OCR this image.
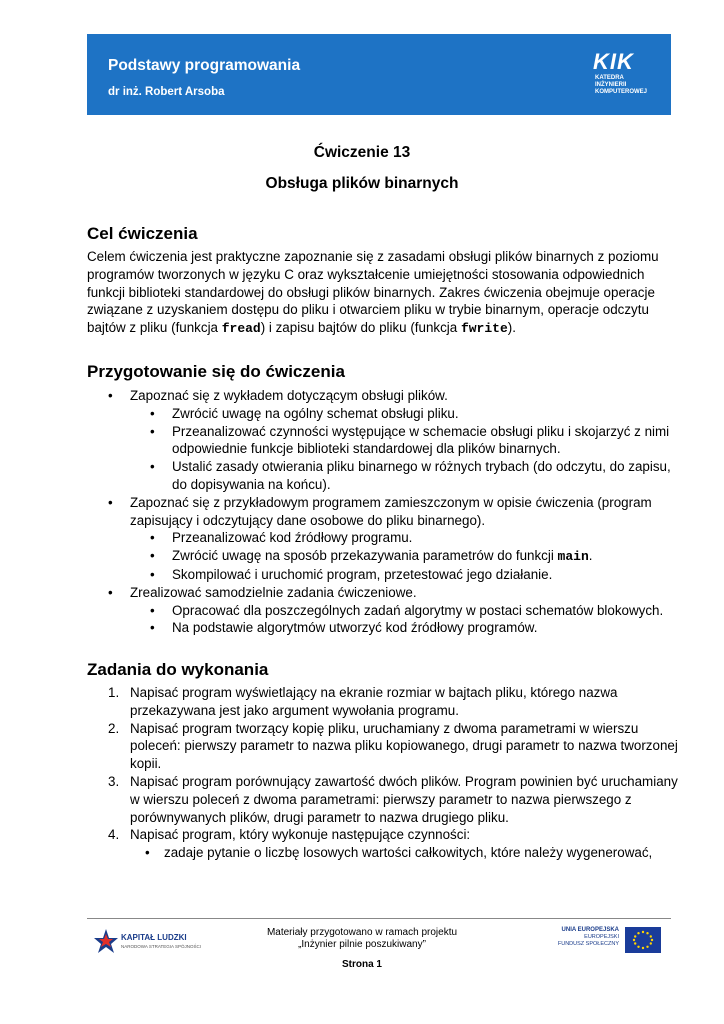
Podstawy programowania
dr inż. Robert Arsoba
KIK
KATEDRA
INŻYNIERII
KOMPUTEROWEJ
Ćwiczenie 13
Obsługa plików binarnych
Cel ćwiczenia
Celem ćwiczenia jest praktyczne zapoznanie się z zasadami obsługi plików binarnych z poziomu programów tworzonych w języku C oraz wykształcenie umiejętności stosowania odpowiednich funkcji biblioteki standardowej do obsługi plików binarnych. Zakres ćwiczenia obejmuje operacje związane z uzyskaniem dostępu do pliku i otwarciem pliku w trybie binarnym, operacje odczytu bajtów z pliku (funkcja fread) i zapisu bajtów do pliku (funkcja fwrite).
Przygotowanie się do ćwiczenia
• Zapoznać się z wykładem dotyczącym obsługi plików.
• Zwrócić uwagę na ogólny schemat obsługi pliku.
• Przeanalizować czynności występujące w schemacie obsługi pliku i skojarzyć z nimi odpowiednie funkcje biblioteki standardowej dla plików binarnych.
• Ustalić zasady otwierania pliku binarnego w różnych trybach (do odczytu, do zapisu, do dopisywania na końcu).
• Zapoznać się z przykładowym programem zamieszczonym w opisie ćwiczenia (program zapisujący i odczytujący dane osobowe do pliku binarnego).
• Przeanalizować kod źródłowy programu.
• Zwrócić uwagę na sposób przekazywania parametrów do funkcji main.
• Skompilować i uruchomić program, przetestować jego działanie.
• Zrealizować samodzielnie zadania ćwiczeniowe.
• Opracować dla poszczególnych zadań algorytmy w postaci schematów blokowych.
• Na podstawie algorytmów utworzyć kod źródłowy programów.
Zadania do wykonania
1. Napisać program wyświetlający na ekranie rozmiar w bajtach pliku, którego nazwa przekazywana jest jako argument wywołania programu.
2. Napisać program tworzący kopię pliku, uruchamiany z dwoma parametrami w wierszu poleceń: pierwszy parametr to nazwa pliku kopiowanego, drugi parametr to nazwa tworzonej kopii.
3. Napisać program porównujący zawartość dwóch plików. Program powinien być uruchamiany w wierszu poleceń z dwoma parametrami: pierwszy parametr to nazwa pierwszego z porównywanych plików, drugi parametr to nazwa drugiego pliku.
4. Napisać program, który wykonuje następujące czynności:
• zadaje pytanie o liczbę losowych wartości całkowitych, które należy wygenerować,
KAPITAŁ LUDZKI
NARODOWA STRATEGIA SPÓJNOŚCI
Materiały przygotowano w ramach projektu
„Inżynier pilnie poszukiwany”
Strona 1
UNIA EUROPEJSKA
EUROPEJSKI
FUNDUSZ SPOŁECZNY
